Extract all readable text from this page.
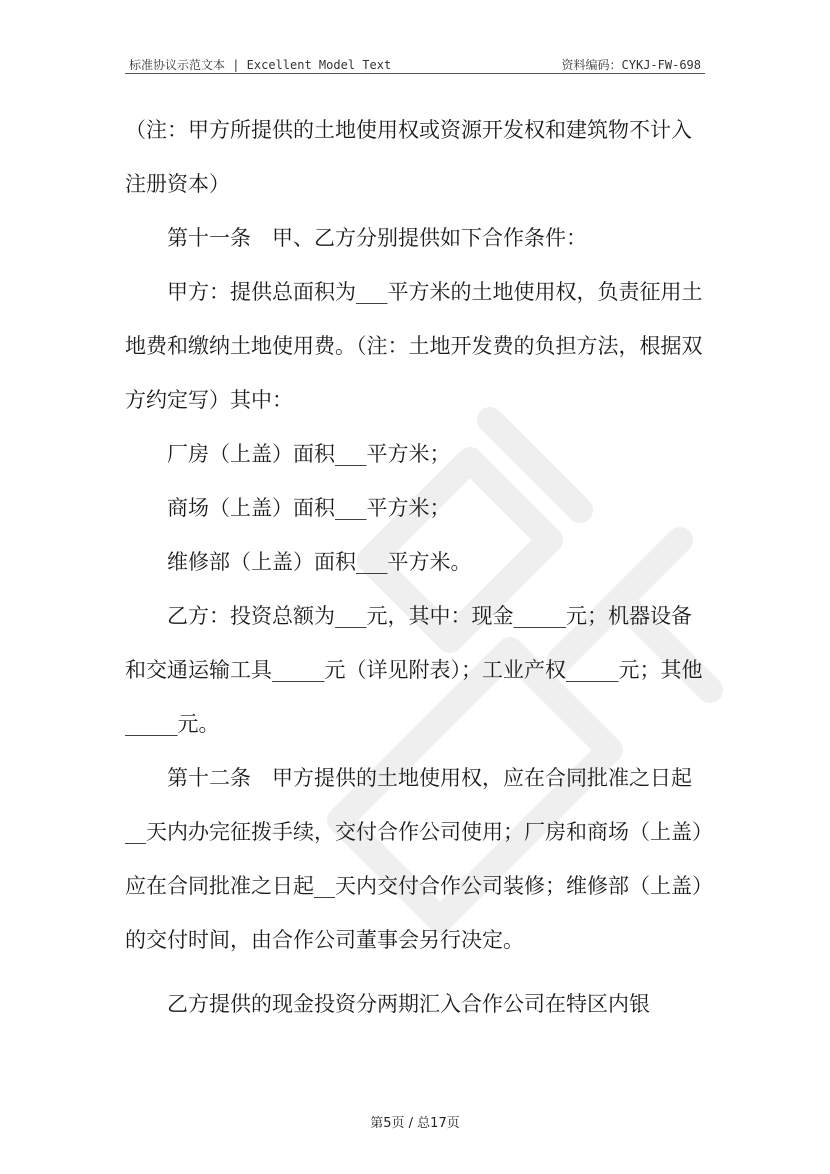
标准协议示范文本 | Excellent Model Text	资料编码：CYKJ-FW-698

（注：甲方所提供的土地使用权或资源开发权和建筑物不计入注册资本）

第十一条　甲、乙方分别提供如下合作条件：

甲方：提供总面积为___平方米的土地使用权，负责征用土地费和缴纳土地使用费。（注：土地开发费的负担方法，根据双方约定写）其中：

厂房（上盖）面积___平方米；

商场（上盖）面积___平方米；

维修部（上盖）面积___平方米。

乙方：投资总额为___元，其中：现金_____元；机器设备和交通运输工具_____元（详见附表）；工业产权_____元；其他_____元。

第十二条　甲方提供的土地使用权，应在合同批准之日起__天内办完征拨手续，交付合作公司使用；厂房和商场（上盖）应在合同批准之日起__天内交付合作公司装修；维修部（上盖）的交付时间，由合作公司董事会另行决定。

乙方提供的现金投资分两期汇入合作公司在特区内银

第5页 / 总17页
